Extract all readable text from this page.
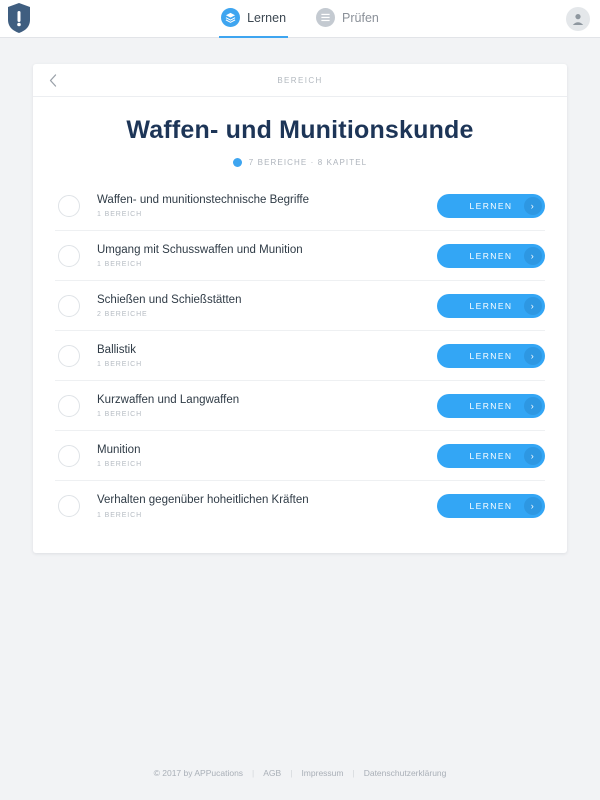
Lernen	Prüfen
BEREICH
Waffen- und Munitionskunde
7 BEREICHE · 8 KAPITEL
Waffen- und munitionstechnische Begriffe
1 BEREICH
LERNEN	›
Umgang mit Schusswaffen und Munition
1 BEREICH
LERNEN	›
Schießen und Schießstätten
2 BEREICHE
LERNEN	›
Ballistik
1 BEREICH
LERNEN	›
Kurzwaffen und Langwaffen
1 BEREICH
LERNEN	›
Munition
1 BEREICH
LERNEN	›
Verhalten gegenüber hoheitlichen Kräften
1 BEREICH
LERNEN	›
© 2017 by APPucations | AGB | Impressum | Datenschutzerklärung
